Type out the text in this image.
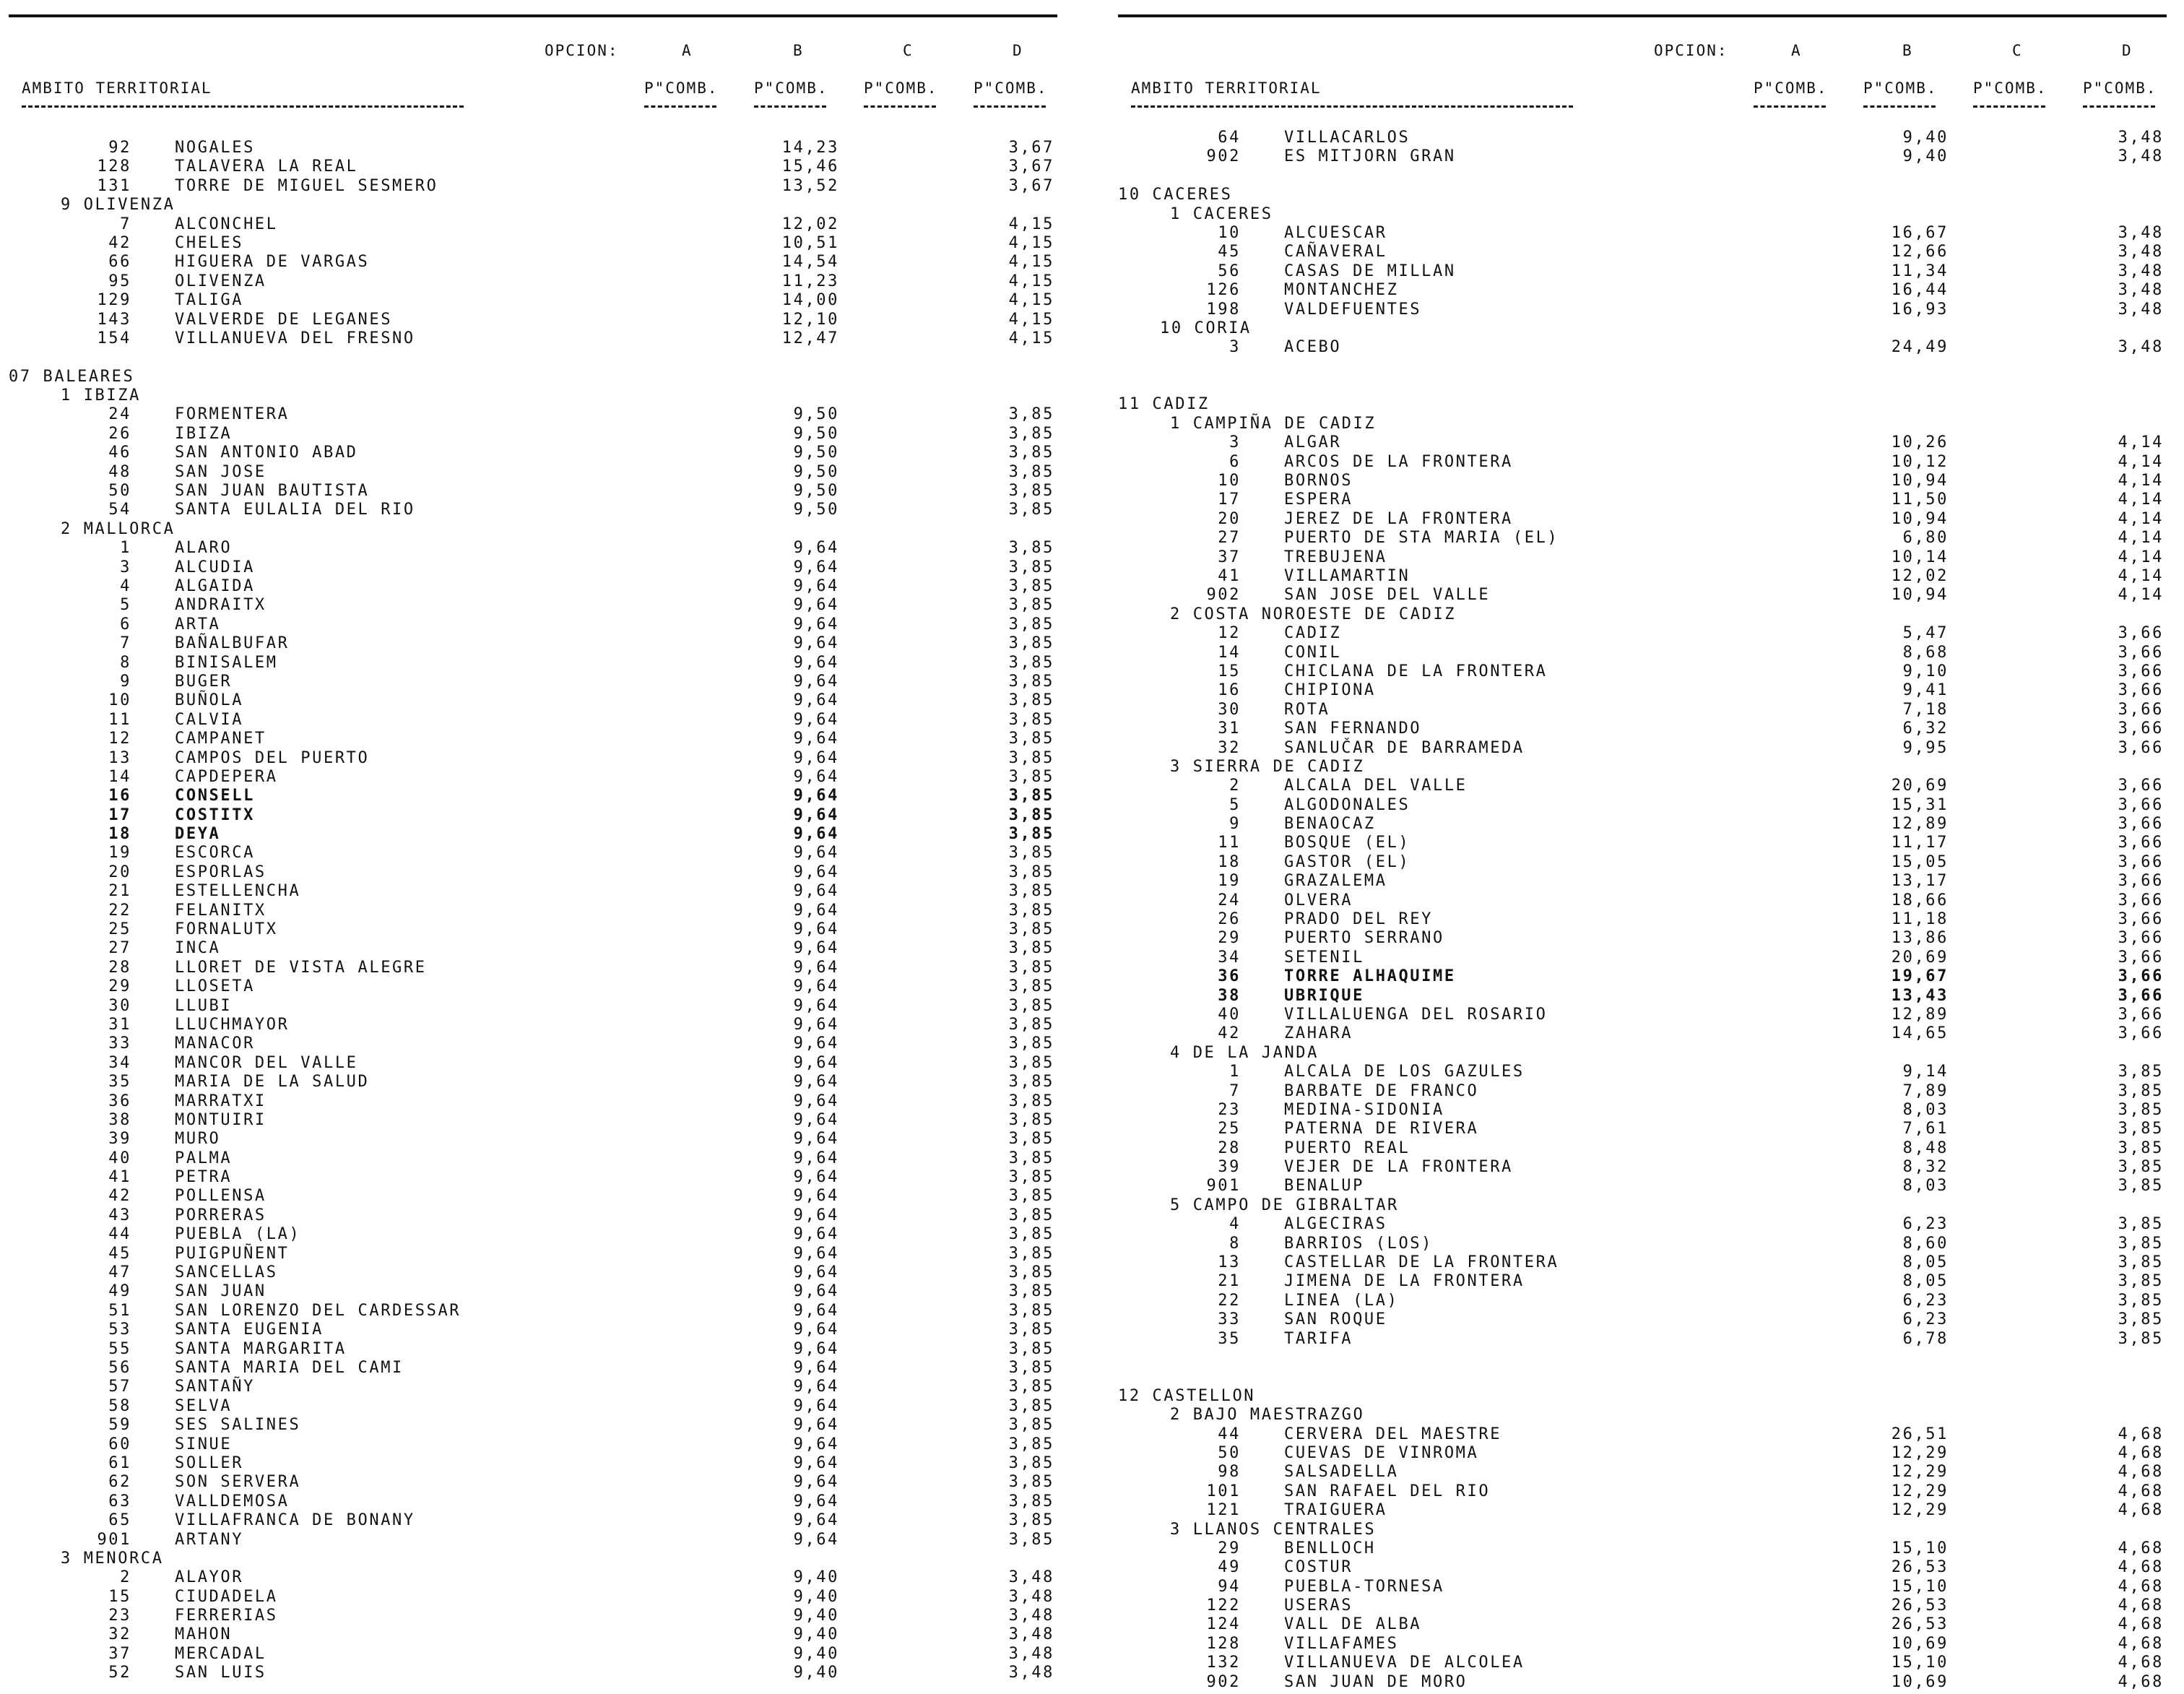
OPCION:	A	B	C	D
AMBITO TERRITORIAL	P"COMB. P"COMB. P"COMB. P"COMB.
92	NOGALES	14,23	3,67
128	TALAVERA LA REAL	15,46	3,67
131	TORRE DE MIGUEL SESMERO	13,52	3,67
9 OLIVENZA
7	ALCONCHEL	12,02	4,15
42	CHELES	10,51	4,15
66	HIGUERA DE VARGAS	14,54	4,15
95	OLIVENZA	11,23	4,15
129	TALIGA	14,00	4,15
143	VALVERDE DE LEGANES	12,10	4,15
154	VILLANUEVA DEL FRESNO	12,47	4,15
07 BALEARES
1 IBIZA
24	FORMENTERA	9,50	3,85
26	IBIZA	9,50	3,85
46	SAN ANTONIO ABAD	9,50	3,85
48	SAN JOSE	9,50	3,85
50	SAN JUAN BAUTISTA	9,50	3,85
54	SANTA EULALIA DEL RIO	9,50	3,85
2 MALLORCA
1	ALARO	9,64	3,85
3	ALCUDIA	9,64	3,85
4	ALGAIDA	9,64	3,85
5	ANDRAITX	9,64	3,85
6	ARTA	9,64	3,85
7	BAÑALBUFAR	9,64	3,85
8	BINISALEM	9,64	3,85
9	BUGER	9,64	3,85
10	BUÑOLA	9,64	3,85
11	CALVIA	9,64	3,85
12	CAMPANET	9,64	3,85
13	CAMPOS DEL PUERTO	9,64	3,85
14	CAPDEPERA	9,64	3,85
16	CONSELL	9,64	3,85
17	COSTITX	9,64	3,85
18	DEYA	9,64	3,85
19	ESCORCA	9,64	3,85
20	ESPORLAS	9,64	3,85
21	ESTELLENCHA	9,64	3,85
22	FELANITX	9,64	3,85
25	FORNALUTX	9,64	3,85
27	INCA	9,64	3,85
28	LLORET DE VISTA ALEGRE	9,64	3,85
29	LLOSETA	9,64	3,85
30	LLUBI	9,64	3,85
31	LLUCHMAYOR	9,64	3,85
33	MANACOR	9,64	3,85
34	MANCOR DEL VALLE	9,64	3,85
35	MARIA DE LA SALUD	9,64	3,85
36	MARRATXI	9,64	3,85
38	MONTUIRI	9,64	3,85
39	MURO	9,64	3,85
40	PALMA	9,64	3,85
41	PETRA	9,64	3,85
42	POLLENSA	9,64	3,85
43	PORRERAS	9,64	3,85
44	PUEBLA (LA)	9,64	3,85
45	PUIGPUÑENT	9,64	3,85
47	SANCELLAS	9,64	3,85
49	SAN JUAN	9,64	3,85
51	SAN LORENZO DEL CARDESSAR	9,64	3,85
53	SANTA EUGENIA	9,64	3,85
55	SANTA MARGARITA	9,64	3,85
56	SANTA MARIA DEL CAMI	9,64	3,85
57	SANTAÑY	9,64	3,85
58	SELVA	9,64	3,85
59	SES SALINES	9,64	3,85
60	SINUE	9,64	3,85
61	SOLLER	9,64	3,85
62	SON SERVERA	9,64	3,85
63	VALLDEMOSA	9,64	3,85
65	VILLAFRANCA DE BONANY	9,64	3,85
901	ARTANY	9,64	3,85
3 MENORCA
2	ALAYOR	9,40	3,48
15	CIUDADELA	9,40	3,48
23	FERRERIAS	9,40	3,48
32	MAHON	9,40	3,48
37	MERCADAL	9,40	3,48
52	SAN LUIS	9,40	3,48
OPCION:	A	B	C	D
AMBITO TERRITORIAL	P"COMB. P"COMB. P"COMB. P"COMB.
64	VILLACARLOS	9,40	3,48
902	ES MITJORN GRAN	9,40	3,48
10 CACERES
1 CACERES
10	ALCUESCAR	16,67	3,48
45	CAÑAVERAL	12,66	3,48
56	CASAS DE MILLAN	11,34	3,48
126	MONTANCHEZ	16,44	3,48
198	VALDEFUENTES	16,93	3,48
10 CORIA
3	ACEBO	24,49	3,48
11 CADIZ
1 CAMPIÑA DE CADIZ
3	ALGAR	10,26	4,14
6	ARCOS DE LA FRONTERA	10,12	4,14
10	BORNOS	10,94	4,14
17	ESPERA	11,50	4,14
20	JEREZ DE LA FRONTERA	10,94	4,14
27	PUERTO DE STA MARIA (EL)	6,80	4,14
37	TREBUJENA	10,14	4,14
41	VILLAMARTIN	12,02	4,14
902	SAN JOSE DEL VALLE	10,94	4,14
2 COSTA NOROESTE DE CADIZ
12	CADIZ	5,47	3,66
14	CONIL	8,68	3,66
15	CHICLANA DE LA FRONTERA	9,10	3,66
16	CHIPIONA	9,41	3,66
30	ROTA	7,18	3,66
31	SAN FERNANDO	6,32	3,66
32	SANLUČAR DE BARRAMEDA	9,95	3,66
3 SIERRA DE CADIZ
2	ALCALA DEL VALLE	20,69	3,66
5	ALGODONALES	15,31	3,66
9	BENAOCAZ	12,89	3,66
11	BOSQUE (EL)	11,17	3,66
18	GASTOR (EL)	15,05	3,66
19	GRAZALEMA	13,17	3,66
24	OLVERA	18,66	3,66
26	PRADO DEL REY	11,18	3,66
29	PUERTO SERRANO	13,86	3,66
34	SETENIL	20,69	3,66
36	TORRE ALHAQUIME	19,67	3,66
38	UBRIQUE	13,43	3,66
40	VILLALUENGA DEL ROSARIO	12,89	3,66
42	ZAHARA	14,65	3,66
4 DE LA JANDA
1	ALCALA DE LOS GAZULES	9,14	3,85
7	BARBATE DE FRANCO	7,89	3,85
23	MEDINA-SIDONIA	8,03	3,85
25	PATERNA DE RIVERA	7,61	3,85
28	PUERTO REAL	8,48	3,85
39	VEJER DE LA FRONTERA	8,32	3,85
901	BENALUP	8,03	3,85
5 CAMPO DE GIBRALTAR
4	ALGECIRAS	6,23	3,85
8	BARRIOS (LOS)	8,60	3,85
13	CASTELLAR DE LA FRONTERA	8,05	3,85
21	JIMENA DE LA FRONTERA	8,05	3,85
22	LINEA (LA)	6,23	3,85
33	SAN ROQUE	6,23	3,85
35	TARIFA	6,78	3,85
12 CASTELLON
2 BAJO MAESTRAZGO
44	CERVERA DEL MAESTRE	26,51	4,68
50	CUEVAS DE VINROMA	12,29	4,68
98	SALSADELLA	12,29	4,68
101	SAN RAFAEL DEL RIO	12,29	4,68
121	TRAIGUERA	12,29	4,68
3 LLANOS CENTRALES
29	BENLLOCH	15,10	4,68
49	COSTUR	26,53	4,68
94	PUEBLA-TORNESA	15,10	4,68
122	USERAS	26,53	4,68
124	VALL DE ALBA	26,53	4,68
128	VILLAFAMES	10,69	4,68
132	VILLANUEVA DE ALCOLEA	15,10	4,68
902	SAN JUAN DE MORO	10,69	4,68
